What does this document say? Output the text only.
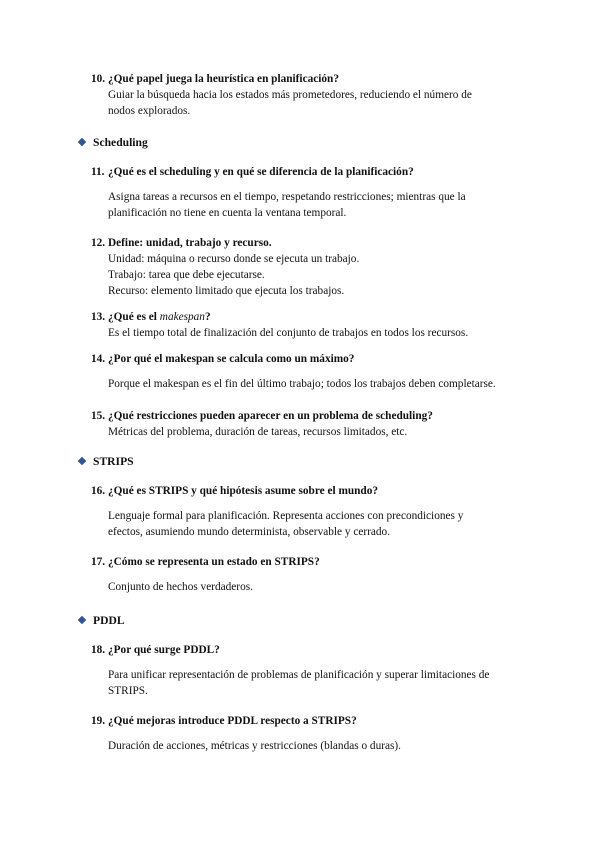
10. ¿Qué papel juega la heurística en planificación?
Guiar la búsqueda hacia los estados más prometedores, reduciendo el número de
nodos explorados.
Scheduling
11. ¿Qué es el scheduling y en qué se diferencia de la planificación?
Asigna tareas a recursos en el tiempo, respetando restricciones; mientras que la
planificación no tiene en cuenta la ventana temporal.
12. Define: unidad, trabajo y recurso.
Unidad: máquina o recurso donde se ejecuta un trabajo.
Trabajo: tarea que debe ejecutarse.
Recurso: elemento limitado que ejecuta los trabajos.
13. ¿Qué es el makespan?
Es el tiempo total de finalización del conjunto de trabajos en todos los recursos.
14. ¿Por qué el makespan se calcula como un máximo?
Porque el makespan es el fin del último trabajo; todos los trabajos deben completarse.
15. ¿Qué restricciones pueden aparecer en un problema de scheduling?
Métricas del problema, duración de tareas, recursos limitados, etc.
STRIPS
16. ¿Qué es STRIPS y qué hipótesis asume sobre el mundo?
Lenguaje formal para planificación. Representa acciones con precondiciones y
efectos, asumiendo mundo determinista, observable y cerrado.
17. ¿Cómo se representa un estado en STRIPS?
Conjunto de hechos verdaderos.
PDDL
18. ¿Por qué surge PDDL?
Para unificar representación de problemas de planificación y superar limitaciones de
STRIPS.
19. ¿Qué mejoras introduce PDDL respecto a STRIPS?
Duración de acciones, métricas y restricciones (blandas o duras).
